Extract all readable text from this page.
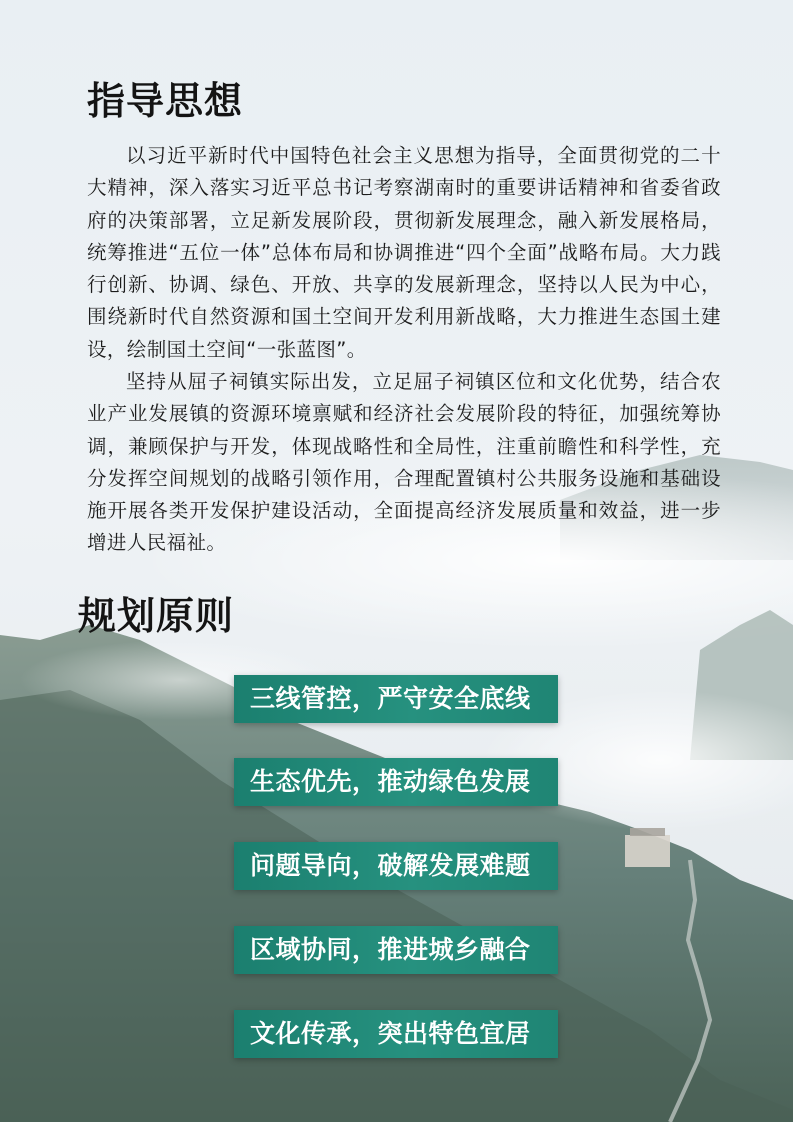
指导思想

以习近平新时代中国特色社会主义思想为指导，全面贯彻党的二十大精神，深入落实习近平总书记考察湖南时的重要讲话精神和省委省政府的决策部署，立足新发展阶段，贯彻新发展理念，融入新发展格局，统筹推进“五位一体”总体布局和协调推进“四个全面”战略布局。大力践行创新、协调、绿色、开放、共享的发展新理念，坚持以人民为中心，围绕新时代自然资源和国土空间开发利用新战略，大力推进生态国土建设，绘制国土空间“一张蓝图”。

坚持从屈子祠镇实际出发，立足屈子祠镇区位和文化优势，结合农业产业发展镇的资源环境禀赋和经济社会发展阶段的特征，加强统筹协调，兼顾保护与开发，体现战略性和全局性，注重前瞻性和科学性，充分发挥空间规划的战略引领作用，合理配置镇村公共服务设施和基础设施开展各类开发保护建设活动，全面提高经济发展质量和效益，进一步增进人民福祉。

规划原则
三线管控，严守安全底线
生态优先，推动绿色发展
问题导向，破解发展难题
区域协同，推进城乡融合
文化传承，突出特色宜居
